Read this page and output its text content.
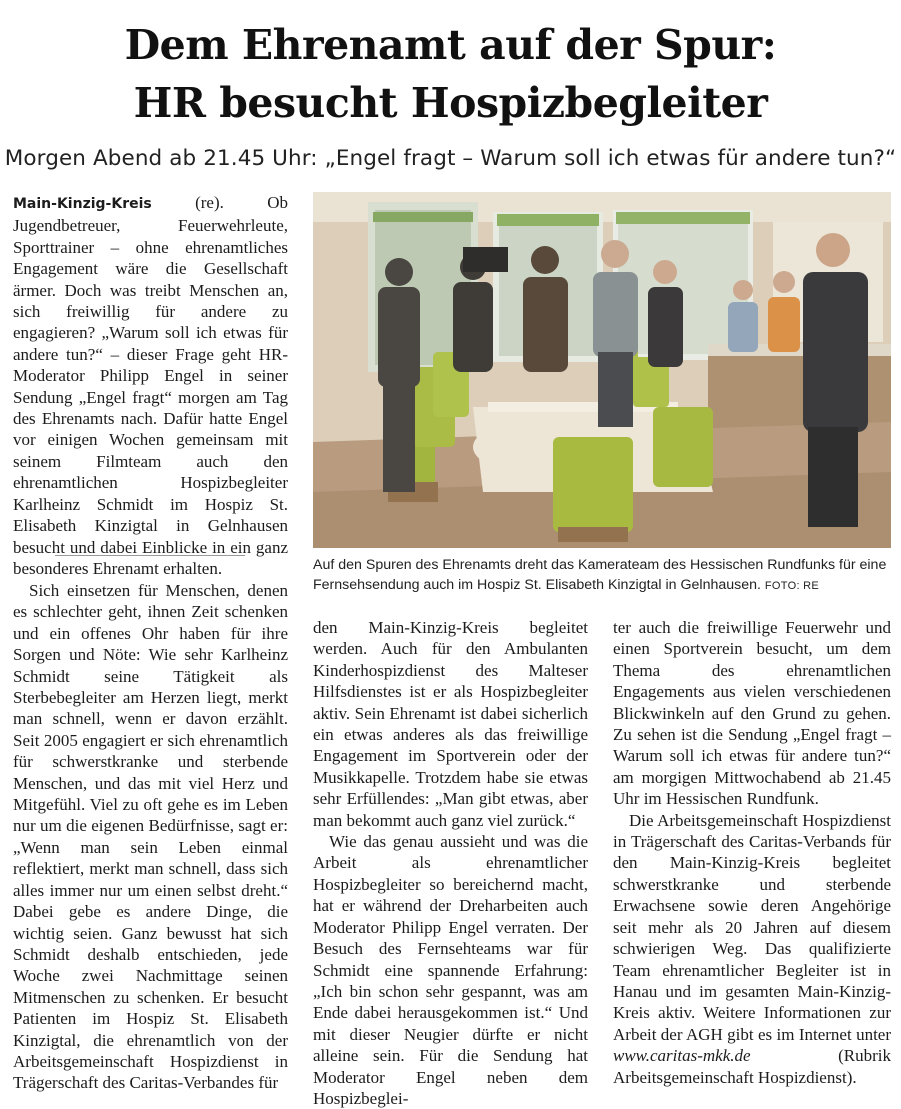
Dem Ehrenamt auf der Spur:
HR besucht Hospizbegleiter
Morgen Abend ab 21.45 Uhr: „Engel fragt – Warum soll ich etwas für andere tun?“

Main-Kinzig-Kreis (re). Ob Jugendbetreuer, Feuerwehrleute, Sporttrainer – ohne ehrenamtliches Engagement wäre die Gesellschaft ärmer. Doch was treibt Menschen an, sich freiwillig für andere zu engagieren? „Warum soll ich etwas für andere tun?“ – dieser Frage geht HR-Moderator Philipp Engel in seiner Sendung „Engel fragt“ morgen am Tag des Ehrenamts nach. Dafür hatte Engel vor einigen Wochen gemeinsam mit seinem Filmteam auch den ehrenamtlichen Hospizbegleiter Karlheinz Schmidt im Hospiz St. Elisabeth Kinzigtal in Gelnhausen besucht und dabei Einblicke in ein ganz besonderes Ehrenamt erhalten.	Auf den Spuren des Ehrenamts dreht das Kamerateam des Hessischen Rundfunks für eine Fernsehsendung auch im Hospiz St. Elisabeth Kinzigtal in Gelnhausen. FOTO: RE

Sich einsetzen für Menschen, denen es schlechter geht, ihnen Zeit schenken und ein offenes Ohr haben für ihre Sorgen und Nöte: Wie sehr Karlheinz Schmidt seine Tätigkeit als Sterbebegleiter am Herzen liegt, merkt man schnell, wenn er davon erzählt. Seit 2005 engagiert er sich ehrenamtlich für schwerstkranke und sterbende Menschen, und das mit viel Herz und Mitgefühl. Viel zu oft gehe es im Leben nur um die eigenen Bedürfnisse, sagt er: „Wenn man sein Leben einmal reflektiert, merkt man schnell, dass sich alles immer nur um einen selbst dreht.“ Dabei gebe es andere Dinge, die wichtig seien. Ganz bewusst hat sich Schmidt deshalb entschieden, jede Woche zwei Nachmittage seinen Mitmenschen zu schenken. Er besucht Patienten im Hospiz St. Elisabeth Kinzigtal, die ehrenamtlich von der Arbeitsgemeinschaft Hospizdienst in Trägerschaft des Caritas-Verbandes für

den Main-Kinzig-Kreis begleitet werden. Auch für den Ambulanten Kinderhospizdienst des Malteser Hilfsdienstes ist er als Hospizbegleiter aktiv. Sein Ehrenamt ist dabei sicherlich ein etwas anderes als das freiwillige Engagement im Sportverein oder der Musikkapelle. Trotzdem habe sie etwas sehr Erfüllendes: „Man gibt etwas, aber man bekommt auch ganz viel zurück.“

Wie das genau aussieht und was die Arbeit als ehrenamtlicher Hospizbegleiter so bereichernd macht, hat er während der Dreharbeiten auch Moderator Philipp Engel verraten. Der Besuch des Fernsehteams war für Schmidt eine spannende Erfahrung: „Ich bin schon sehr gespannt, was am Ende dabei herausgekommen ist.“ Und mit dieser Neugier dürfte er nicht alleine sein. Für die Sendung hat Moderator Engel neben dem Hospizbeglei-

ter auch die freiwillige Feuerwehr und einen Sportverein besucht, um dem Thema des ehrenamtlichen Engagements aus vielen verschiedenen Blickwinkeln auf den Grund zu gehen. Zu sehen ist die Sendung „Engel fragt – Warum soll ich etwas für andere tun?“ am morgigen Mittwochabend ab 21.45 Uhr im Hessischen Rundfunk.

Die Arbeitsgemeinschaft Hospizdienst in Trägerschaft des Caritas-Verbands für den Main-Kinzig-Kreis begleitet schwerstkranke und sterbende Erwachsene sowie deren Angehörige seit mehr als 20 Jahren auf diesem schwierigen Weg. Das qualifizierte Team ehrenamtlicher Begleiter ist in Hanau und im gesamten Main-Kinzig-Kreis aktiv. Weitere Informationen zur Arbeit der AGH gibt es im Internet unter www.caritas-mkk.de (Rubrik Arbeitsgemeinschaft Hospizdienst).
